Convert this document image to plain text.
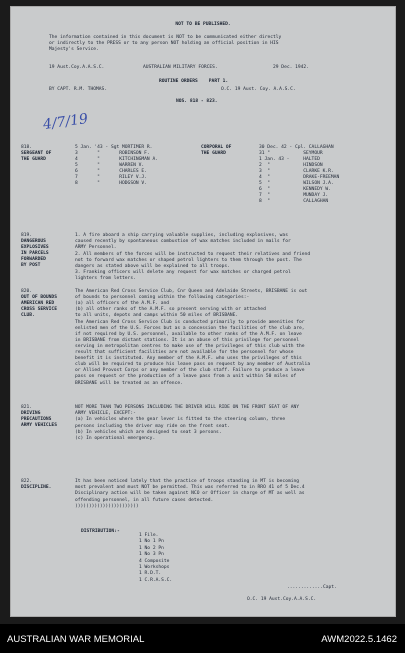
NOT TO BE PUBLISHED.
The information contained in this document is NOT to be communicated either directly
or indirectly to the PRESS or to any person NOT holding an official position in HIS
Majesty's Service.
19 Aust.Coy.A.A.S.C.	AUSTRALIAN MILITARY FORCES.	29 Dec. 1942.
ROUTINE ORDERS    PART 1.
BY CAPT. R.M. THOMAS.	O.C. 19 Aust. Coy. A.A.S.C.
NOS. 818 - 823.
4/7/19
818.
SERGEANT OF
THE GUARD
5 Jan. '43 - Sgt MORTIMER R.
3       "       ROBINSON F.
4       "       KITCHINGMAN A.
5       "       WARREN V.
6       "       CHARLES E.
7       "       RILEY V.J.
8       "       HODGSON V.
CORPORAL OF
THE GUARD
30 Dec. 42 - Cpl. CALLAGHAN
31 "            SEYMOUR
1 Jan. 43 -     HALTED
2  "            HINDSON
3  "            CLARKE K.R.
4  "            DRAKE-FREEMAN
5  "            WILSON J.A.
6  "            KENNEDY W.
7  "            MUNDAY J.
8  "            CALLAGHAN
819.
DANGEROUS
EXPLOSIVES
IN PARCELS
FORWARDED
BY POST
1. A fire aboard a ship carrying valuable supplies, including explosives, was
caused recently by spontaneous combustion of wax matches included in mails for
ARMY Personnel.
2. All members of the forces will be instructed to request their relatives and friend
not to forward wax matches or shaped petrol lighters to them through the post. The
dangers as stated above will be explained to all troops.
3. Franking officers will delete any request for wax matches or charged petrol
lighters from letters.
820.
OUT OF BOUNDS
AMERICAN RED
CROSS SERVICE
CLUB.
The American Red Cross Service Club, Cnr Queen and Adelaide Streets, BRISBANE is out
of bounds to personnel coming within the following categories:-
(a) all officers of the A.M.F. and
(b) all other ranks of the A.M.F. so present serving with or attached
to all units, depots and camps within 50 miles of BRISBANE.
The American Red Cross Service Club is conducted primarily to provide amenities for
enlisted men of the U.S. Forces but as a concession the facilities of the club are,
if not required by U.S. personnel, available to other ranks of the A.M.F. on leave
in BRISBANE from distant stations. It is an abuse of this privilege for personnel
serving in metropolitan centres to make use of the privileges of this club with the
result that sufficient facilities are not available for the personnel for whose
benefit it is instituted. Any member of the A.M.F. who uses the privileges of this
club will be required to produce his leave pass on request by any member of Australia
or Allied Provost Corps or any member of the club staff. Failure to produce a leave
pass on request or the production of a leave pass from a unit within 50 miles of
BRISBANE will be treated as an offence.
821.
DRIVING
PRECAUTIONS
ARMY VEHICLES
NOT MORE THAN TWO PERSONS INCLUDING THE DRIVER WILL RIDE ON THE FRONT SEAT OF ANY
ARMY VEHICLE, EXCEPT:-
(a) In vehicles where the gear lever is fitted to the steering column, three
persons including the driver may ride on the front seat.
(b) In vehicles which are designed to seat 3 persons.
(c) In operational emergency.
822.
DISCIPLINE.
It has been noticed lately that the practice of troops standing in MT is becoming
most prevalent and must NOT be permitted. This was referred to in RRO 41 of 5 Dec.4
Disciplinary action will be taken against NCO or Officer in charge of MT as well as
offending personnel, in all future cases detected.
)))))))))))))))))))))))
DISTRIBUTION:-
1 File.
1 No 1 Pn
1 No 2 Pn
1 No 3 Pn
4 Composite
1 Workshops
1 R.D.T.
1 C.R.A.S.C.
.............Capt.
O.C. 19 Aust.Coy.A.A.S.C.
AUSTRALIAN WAR MEMORIAL	AWM2022.5.1462
